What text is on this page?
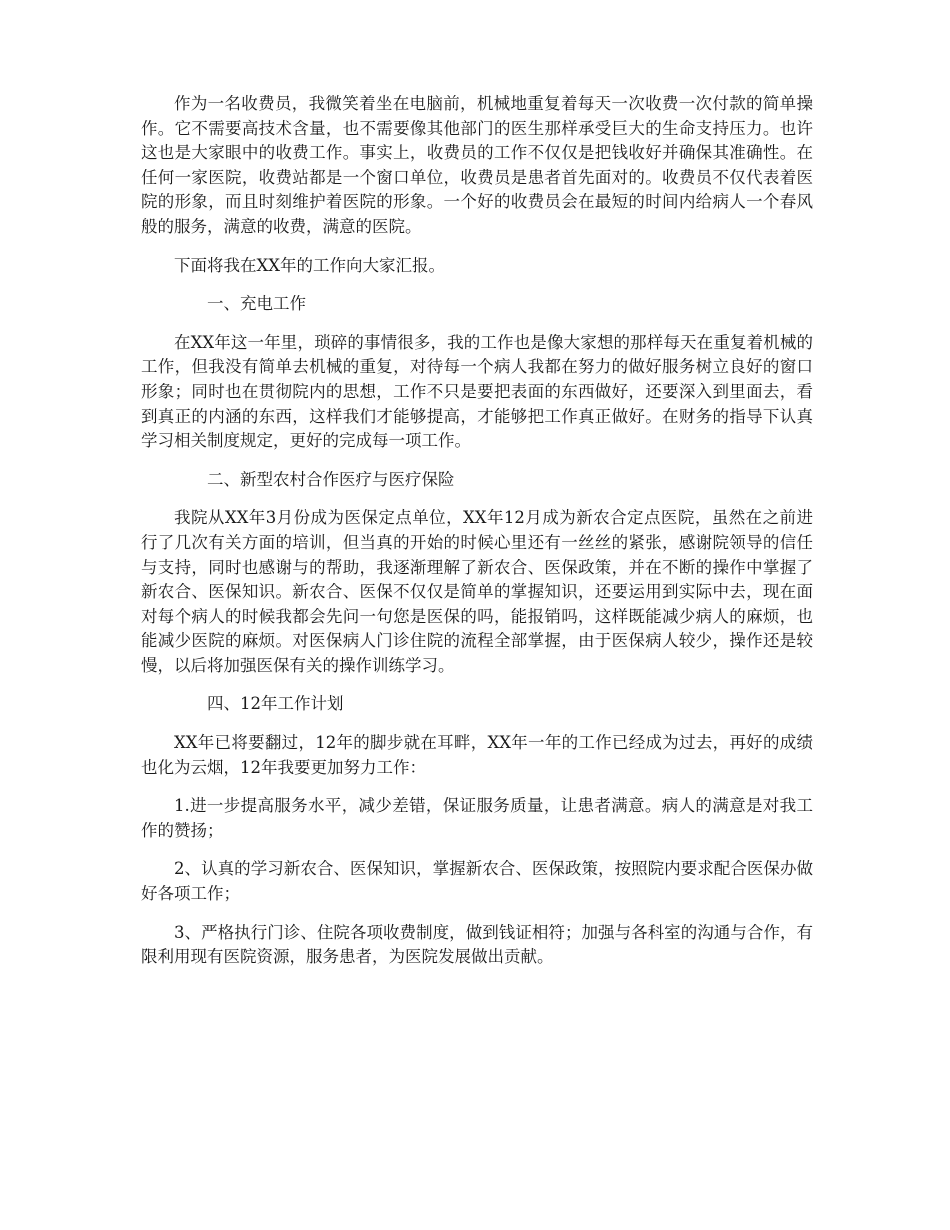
作为一名收费员，我微笑着坐在电脑前，机械地重复着每天一次收费一次付款的简单操作。它不需要高技术含量，也不需要像其他部门的医生那样承受巨大的生命支持压力。也许这也是大家眼中的收费工作。事实上，收费员的工作不仅仅是把钱收好并确保其准确性。在任何一家医院，收费站都是一个窗口单位，收费员是患者首先面对的。收费员不仅代表着医院的形象，而且时刻维护着医院的形象。一个好的收费员会在最短的时间内给病人一个春风般的服务，满意的收费，满意的医院。

下面将我在XX年的工作向大家汇报。

一、充电工作

在XX年这一年里，琐碎的事情很多，我的工作也是像大家想的那样每天在重复着机械的工作，但我没有简单去机械的重复，对待每一个病人我都在努力的做好服务树立良好的窗口形象；同时也在贯彻院内的思想，工作不只是要把表面的东西做好，还要深入到里面去，看到真正的内涵的东西，这样我们才能够提高，才能够把工作真正做好。在财务的指导下认真学习相关制度规定，更好的完成每一项工作。

二、新型农村合作医疗与医疗保险

我院从XX年3月份成为医保定点单位，XX年12月成为新农合定点医院，虽然在之前进行了几次有关方面的培训，但当真的开始的时候心里还有一丝丝的紧张，感谢院领导的信任与支持，同时也感谢与的帮助，我逐渐理解了新农合、医保政策，并在不断的操作中掌握了新农合、医保知识。新农合、医保不仅仅是简单的掌握知识，还要运用到实际中去，现在面对每个病人的时候我都会先问一句您是医保的吗，能报销吗，这样既能减少病人的麻烦，也能减少医院的麻烦。对医保病人门诊住院的流程全部掌握，由于医保病人较少，操作还是较慢，以后将加强医保有关的操作训练学习。

四、12年工作计划

XX年已将要翻过，12年的脚步就在耳畔，XX年一年的工作已经成为过去，再好的成绩也化为云烟，12年我要更加努力工作：

1.进一步提高服务水平，减少差错，保证服务质量，让患者满意。病人的满意是对我工作的赞扬；

2、认真的学习新农合、医保知识，掌握新农合、医保政策，按照院内要求配合医保办做好各项工作；

3、严格执行门诊、住院各项收费制度，做到钱证相符；加强与各科室的沟通与合作，有限利用现有医院资源，服务患者，为医院发展做出贡献。
